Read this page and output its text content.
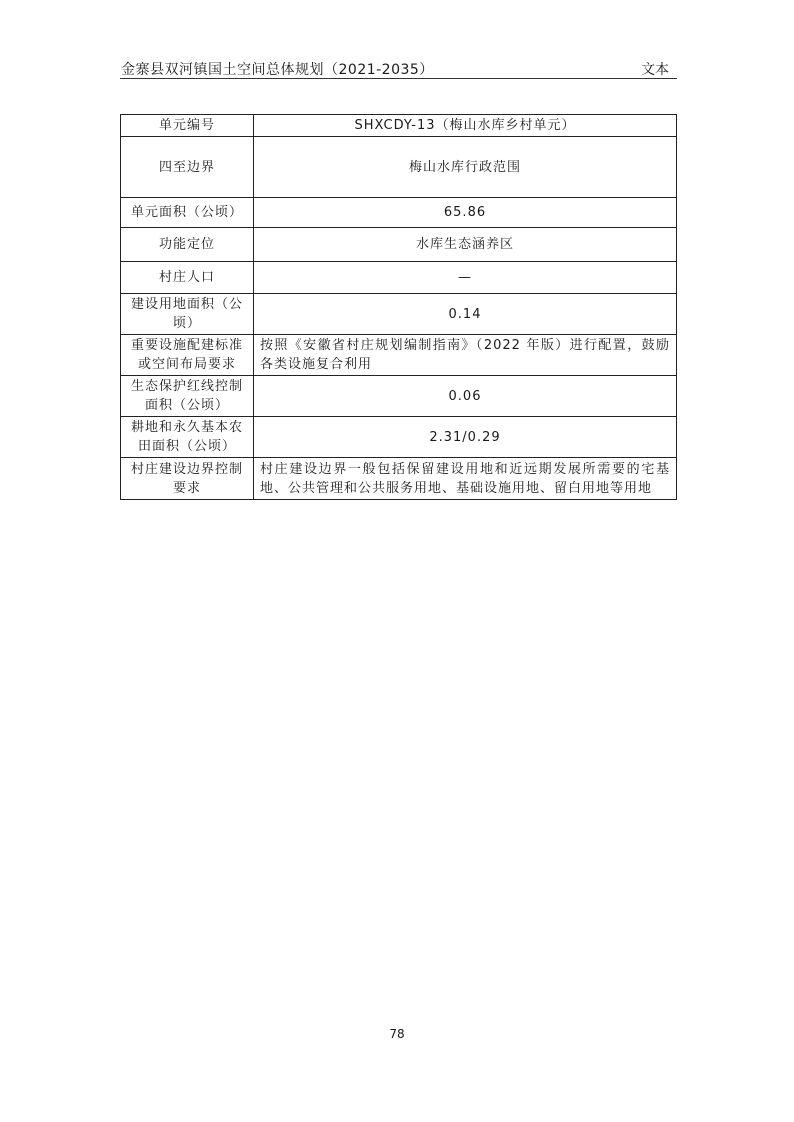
金寨县双河镇国土空间总体规划（2021-2035）	文本
单元编号	SHXCDY-13（梅山水库乡村单元）
四至边界	梅山水库行政范围
单元面积（公顷）	65.86
功能定位	水库生态涵养区
村庄人口	—
建设用地面积（公顷）	0.14
重要设施配建标准或空间布局要求	按照《安徽省村庄规划编制指南》（2022 年版）进行配置，鼓励各类设施复合利用
生态保护红线控制面积（公顷）	0.06
耕地和永久基本农田面积（公顷）	2.31/0.29
村庄建设边界控制要求	村庄建设边界一般包括保留建设用地和近远期发展所需要的宅基地、公共管理和公共服务用地、基础设施用地、留白用地等用地
78
